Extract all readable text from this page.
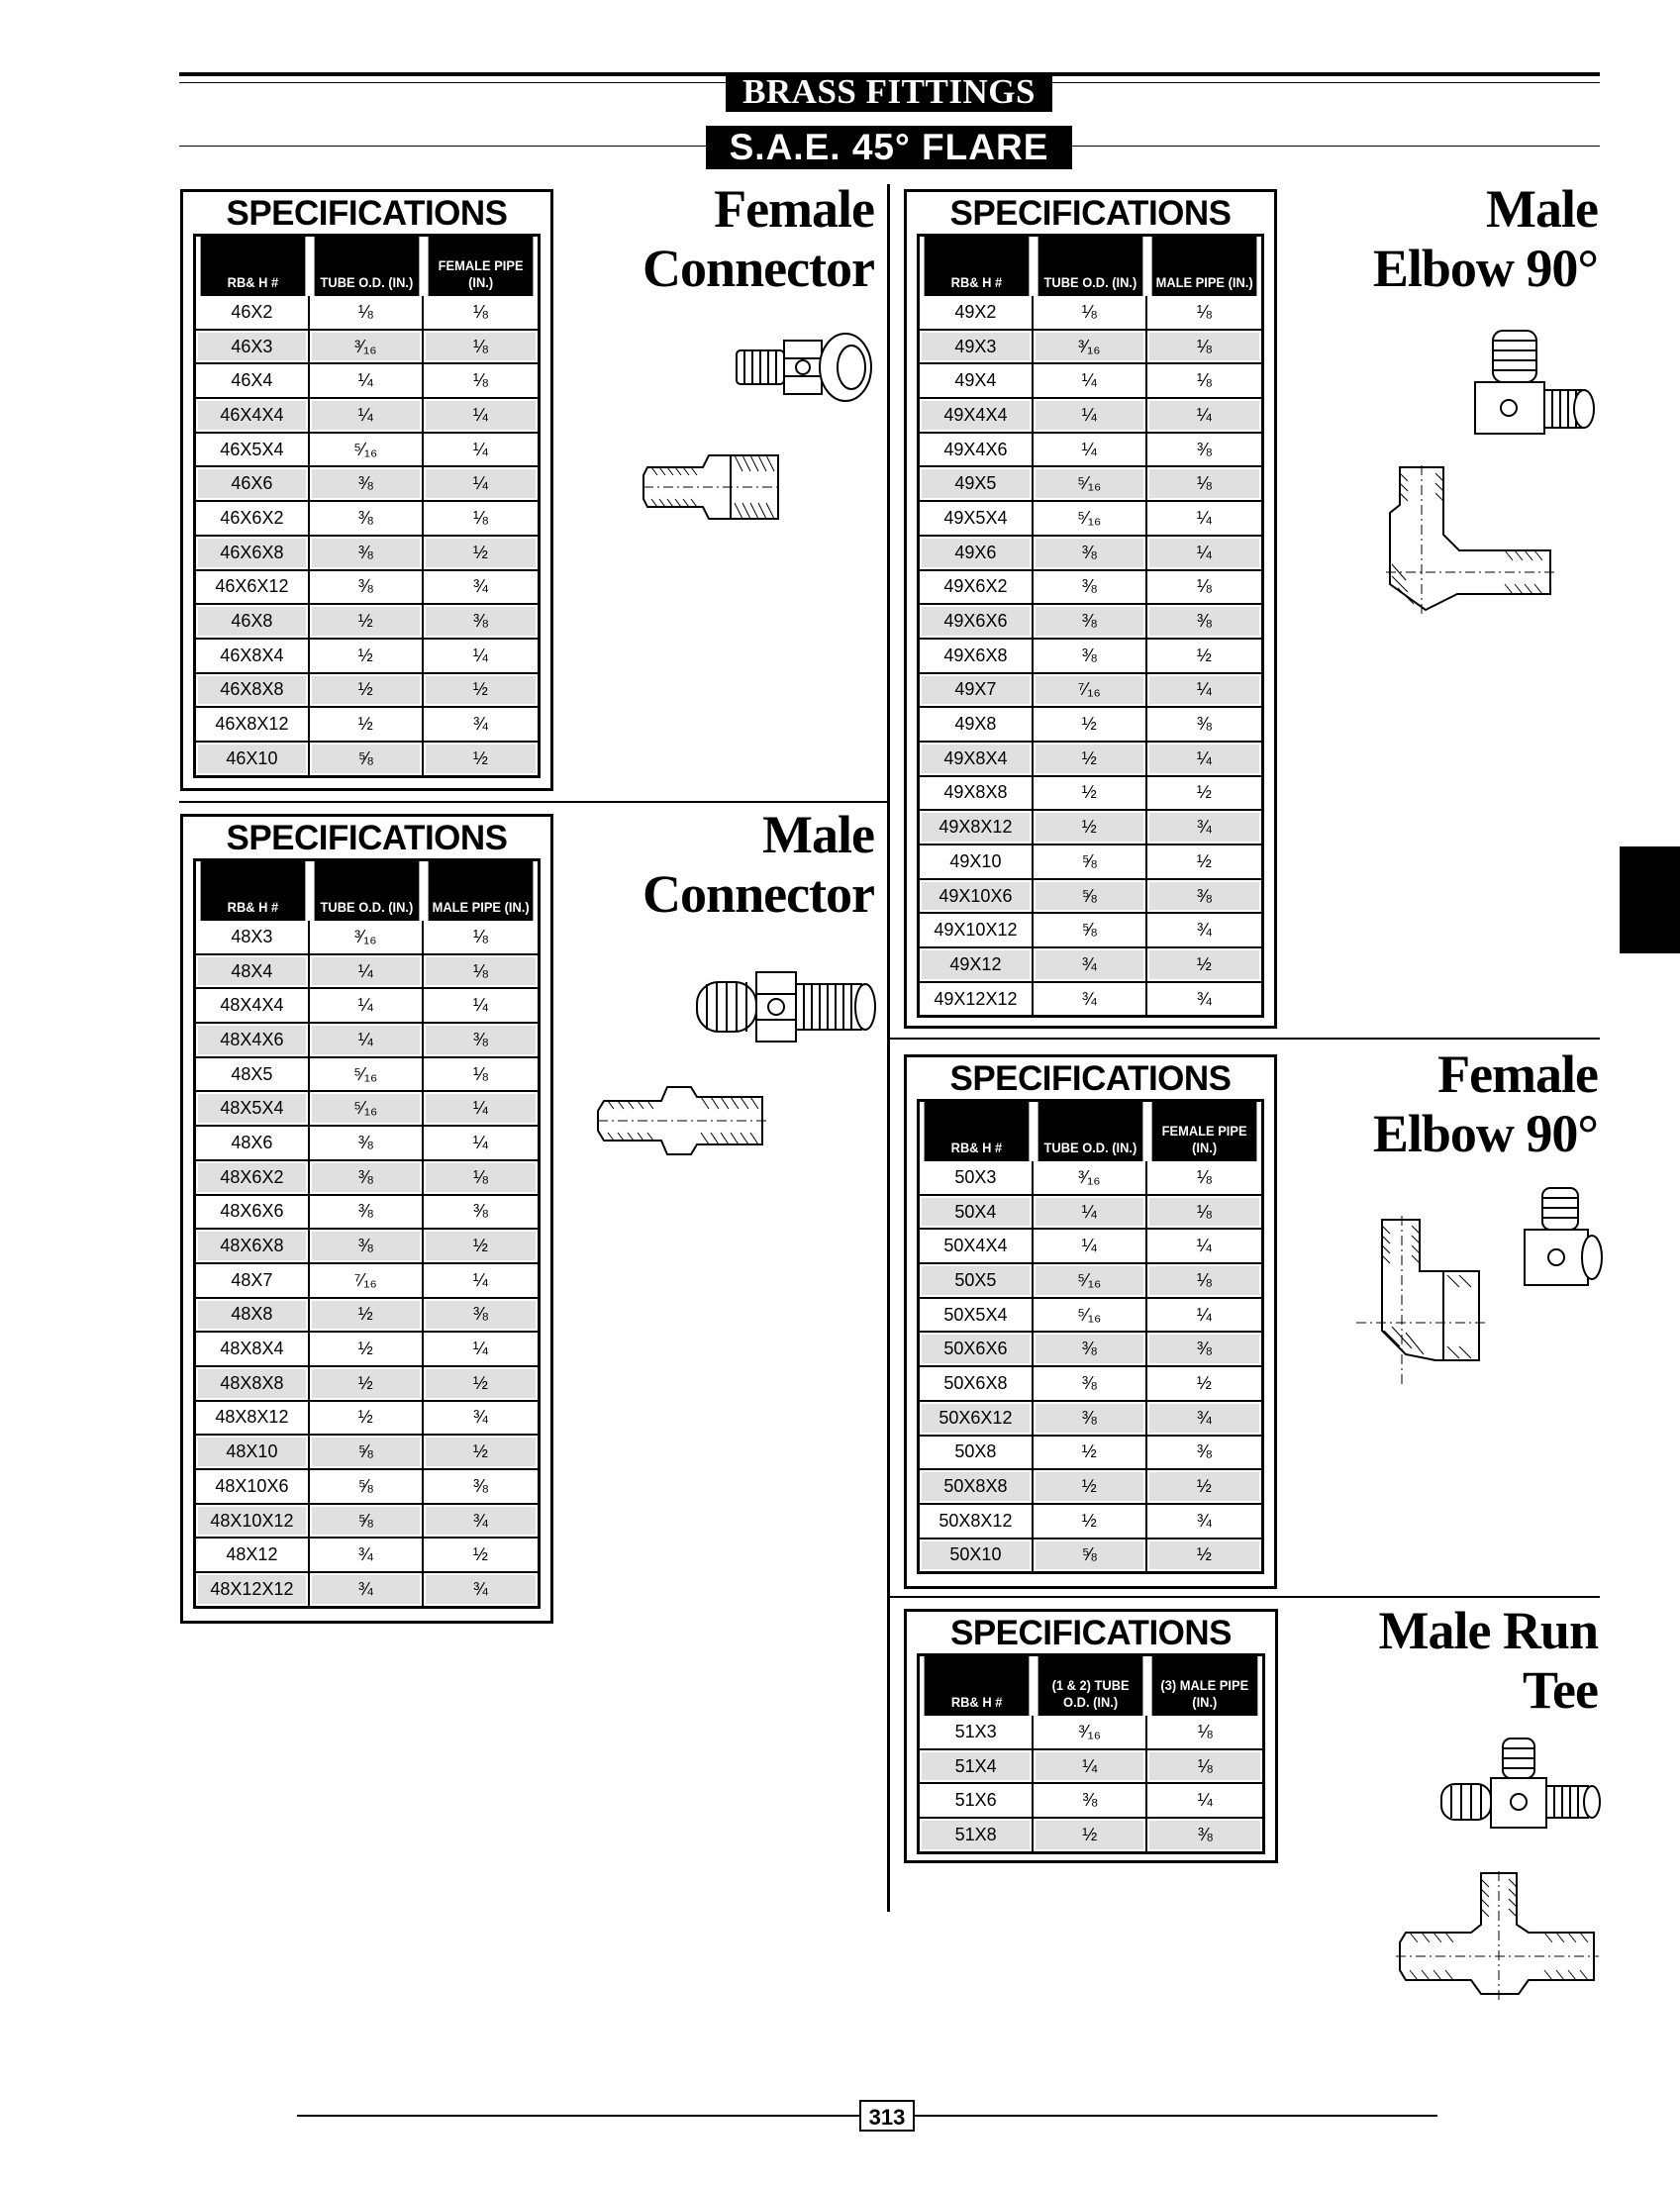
BRASS FITTINGS
S.A.E. 45° FLARE
SPECIFICATIONS
RB& H #	TUBE O.D. (IN.)	FEMALE PIPE (IN.)
46X2	⅛	⅛
46X3	³⁄₁₆	⅛
46X4	¼	⅛
46X4X4	¼	¼
46X5X4	⁵⁄₁₆	¼
46X6	⅜	¼
46X6X2	⅜	⅛
46X6X8	⅜	½
46X6X12	⅜	¾
46X8	½	⅜
46X8X4	½	¼
46X8X8	½	½
46X8X12	½	¾
46X10	⅝	½
Female
Connector
SPECIFICATIONS
RB& H #	TUBE O.D. (IN.)	MALE PIPE (IN.)
48X3	³⁄₁₆	⅛
48X4	¼	⅛
48X4X4	¼	¼
48X4X6	¼	⅜
48X5	⁵⁄₁₆	⅛
48X5X4	⁵⁄₁₆	¼
48X6	⅜	¼
48X6X2	⅜	⅛
48X6X6	⅜	⅜
48X6X8	⅜	½
48X7	⁷⁄₁₆	¼
48X8	½	⅜
48X8X4	½	¼
48X8X8	½	½
48X8X12	½	¾
48X10	⅝	½
48X10X6	⅝	⅜
48X10X12	⅝	¾
48X12	¾	½
48X12X12	¾	¾
Male
Connector
SPECIFICATIONS
RB& H #	TUBE O.D. (IN.)	MALE PIPE (IN.)
49X2	⅛	⅛
49X3	³⁄₁₆	⅛
49X4	¼	⅛
49X4X4	¼	¼
49X4X6	¼	⅜
49X5	⁵⁄₁₆	⅛
49X5X4	⁵⁄₁₆	¼
49X6	⅜	¼
49X6X2	⅜	⅛
49X6X6	⅜	⅜
49X6X8	⅜	½
49X7	⁷⁄₁₆	¼
49X8	½	⅜
49X8X4	½	¼
49X8X8	½	½
49X8X12	½	¾
49X10	⅝	½
49X10X6	⅝	⅜
49X10X12	⅝	¾
49X12	¾	½
49X12X12	¾	¾
Male
Elbow 90°
SPECIFICATIONS
RB& H #	TUBE O.D. (IN.)	FEMALE PIPE (IN.)
50X3	³⁄₁₆	⅛
50X4	¼	⅛
50X4X4	¼	¼
50X5	⁵⁄₁₆	⅛
50X5X4	⁵⁄₁₆	¼
50X6X6	⅜	⅜
50X6X8	⅜	½
50X6X12	⅜	¾
50X8	½	⅜
50X8X8	½	½
50X8X12	½	¾
50X10	⅝	½
Female
Elbow 90°
SPECIFICATIONS
RB& H #	(1 & 2) TUBE O.D. (IN.)	(3) MALE PIPE (IN.)
51X3	³⁄₁₆	⅛
51X4	¼	⅛
51X6	⅜	¼
51X8	½	⅜
Male Run
Tee
313
